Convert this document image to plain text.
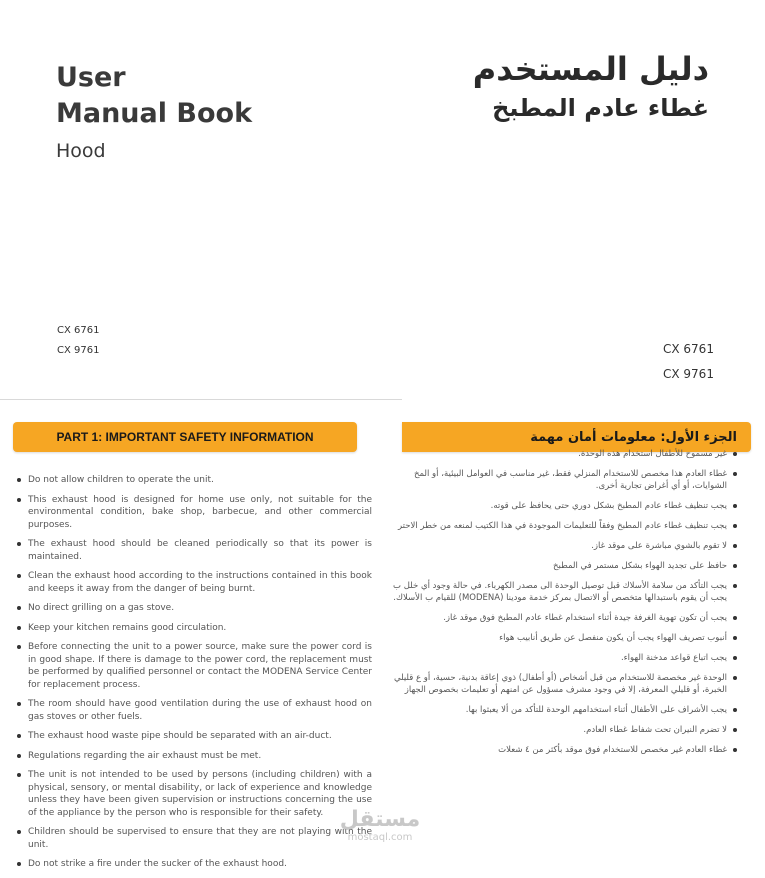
User
Manual Book
Hood
CX 6761
CX 9761
دليل المستخدم
غطاء عادم المطبخ
CX 6761
CX 9761
PART 1: IMPORTANT SAFETY INFORMATION
Do not allow children to operate the unit.
This exhaust hood is designed for home use only, not suitable for the environmental condition, bake shop, barbecue, and other commercial purposes.
The exhaust hood should be cleaned periodically so that its power is maintained.
Clean the exhaust hood according to the instructions contained in this book and keeps it away from the danger of being burnt.
No direct grilling on a gas stove.
Keep your kitchen remains good circulation.
Before connecting the unit to a power source, make sure the power cord is in good shape. If there is damage to the power cord, the replacement must be performed by qualified personnel or contact the MODENA Service Center for replacement process.
The room should have good ventilation during the use of exhaust hood on gas stoves or other fuels.
The exhaust hood waste pipe should be separated with an air-duct.
Regulations regarding the air exhaust must be met.
The unit is not intended to be used by persons (including children) with a physical, sensory, or mental disability, or lack of experience and knowledge unless they have been given supervision or instructions concerning the use of the appliance by the person who is responsible for their safety.
Children should be supervised to ensure that they are not playing with the unit.
Do not strike a fire under the sucker of the exhaust hood.
الجزء الأول: معلومات أمان مهمة
غير مسموح للأطفال استخدام هذه الوحدة.
غطاء العادم هذا مخصص للاستخدام المنزلي فقط، غير مناسب في العوامل البيئية، أو المخ الشوايات، أو أي أغراض تجارية أخرى.
يجب تنظيف غطاء عادم المطبخ بشكل دوري حتى يحافظ على قوته.
يجب تنظيف غطاء عادم المطبخ وفقاً للتعليمات الموجودة في هذا الكتيب لمنعه من خطر الاحتر
لا تقوم بالشوي مباشرة على موقد غاز.
حافظ على تجديد الهواء بشكل مستمر في المطبخ
يجب التأكد من سلامة الأسلاك قبل توصيل الوحدة الى مصدر الكهرباء. في حالة وجود أي خلل ب يجب أن يقوم باستبدالها متخصص أو الاتصال بمركز خدمة مودينا (MODENA) للقيام ب الأسلاك.
يجب أن تكون تهوية الغرفة جيدة أثناء استخدام غطاء عادم المطبخ فوق موقد غاز.
أنبوب تصريف الهواء يجب أن يكون منفصل عن طريق أنابيب هواء
يجب اتباع قواعد مدخنة الهواء.
الوحدة غير مخصصة للاستخدام من قبل أشخاص (أو أطفال) ذوي إعاقة بدنية، حسية، أو ع قليلي الخبرة، أو قليلي المعرفة، إلا في وجود مشرف مسؤول عن امنهم أو تعليمات بخصوص الجهاز
يجب الأشراف على الأطفال أثناء استخدامهم الوحدة للتأكد من ألا يعبثوا بها.
لا تضرم النيران تحت شفاط غطاء العادم.
غطاء العادم غير مخصص للاستخدام فوق موقد بأكثر من ٤ شعلات
مستقل
mostaql.com
